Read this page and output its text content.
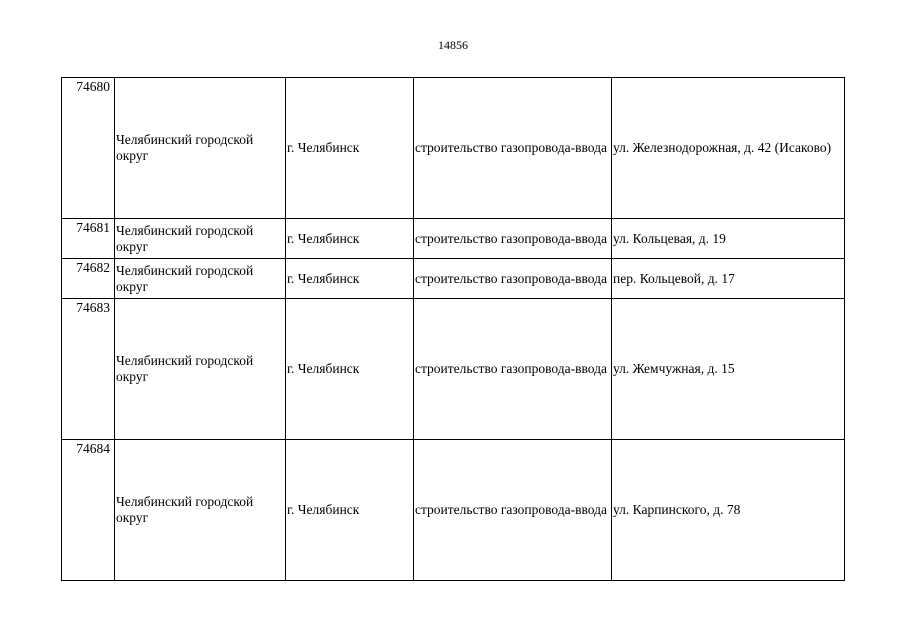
14856
74680	Челябинский городской округ	г. Челябинск	строительство газопровода-ввода	ул. Железнодорожная, д. 42 (Исаково)
74681	Челябинский городской округ	г. Челябинск	строительство газопровода-ввода	ул. Кольцевая, д. 19
74682	Челябинский городской округ	г. Челябинск	строительство газопровода-ввода	пер. Кольцевой, д. 17
74683	Челябинский городской округ	г. Челябинск	строительство газопровода-ввода	ул. Жемчужная, д. 15
74684	Челябинский городской округ	г. Челябинск	строительство газопровода-ввода	ул. Карпинского, д. 78
